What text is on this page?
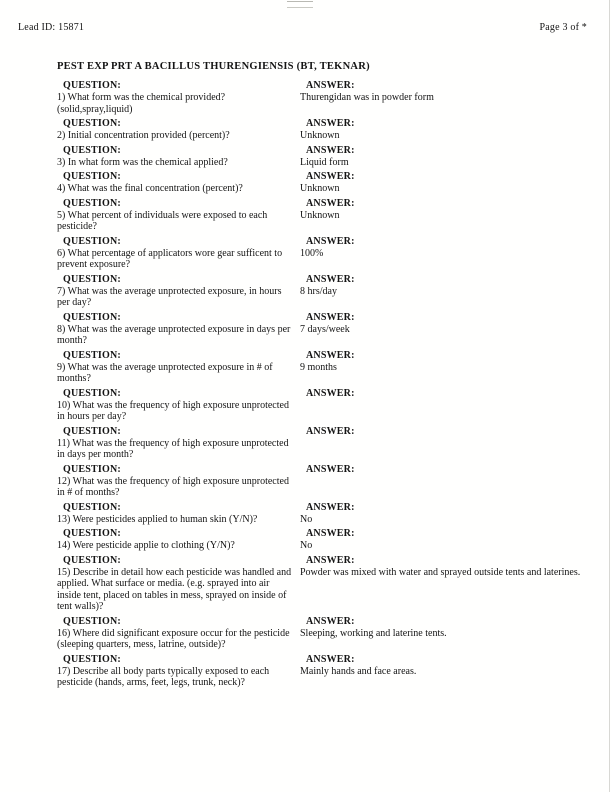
Lead ID: 15871	Page 3 of *
PEST EXP PRT A BACILLUS THURENGIENSIS (BT, TEKNAR)
QUESTION:	ANSWER:
1) What form was the chemical provided?(solid,spray,liquid)
Thurengidan was in powder form
QUESTION:	ANSWER:
2) Initial concentration provided (percent)?	Unknown
QUESTION:	ANSWER:
3) In what form was the chemical applied?	Liquid form
QUESTION:	ANSWER:
4) What was the final concentration (percent)?	Unknown
QUESTION:	ANSWER:
5) What percent of individuals were exposed to each pesticide?
Unknown
QUESTION:	ANSWER:
6) What percentage of applicators wore gear sufficent to prevent exposure?
100%
QUESTION:	ANSWER:
7) What was the average unprotected exposure, in hours per day?
8 hrs/day
QUESTION:	ANSWER:
8) What was the average unprotected exposure in days per month?
7 days/week
QUESTION:	ANSWER:
9) What was the average unprotected exposure in # of months?
9 months
QUESTION:	ANSWER:
10) What was the frequency of high exposure unprotected in hours per day?
QUESTION:	ANSWER:
11) What was the frequency of high exposure unprotected in days per month?
QUESTION:	ANSWER:
12) What was the frequency of high exposure unprotected in # of months?
QUESTION:	ANSWER:
13) Were pesticides applied to human skin (Y/N)?	No
QUESTION:	ANSWER:
14) Were pesticide applie to clothing (Y/N)?	No
QUESTION:	ANSWER:
15) Describe in detail how each pesticide was handled and applied. What surface or media. (e.g. sprayed into air inside tent, placed on tables in mess, sprayed on inside of tent walls)?
Powder was mixed with water and sprayed outside tents and laterines.
QUESTION:	ANSWER:
16) Where did significant exposure occur for the pesticide (sleeping quarters, mess, latrine, outside)?
Sleeping, working and laterine tents.
QUESTION:	ANSWER:
17) Describe all body parts typically exposed to each pesticide (hands, arms, feet, legs, trunk, neck)?
Mainly hands and face areas.
